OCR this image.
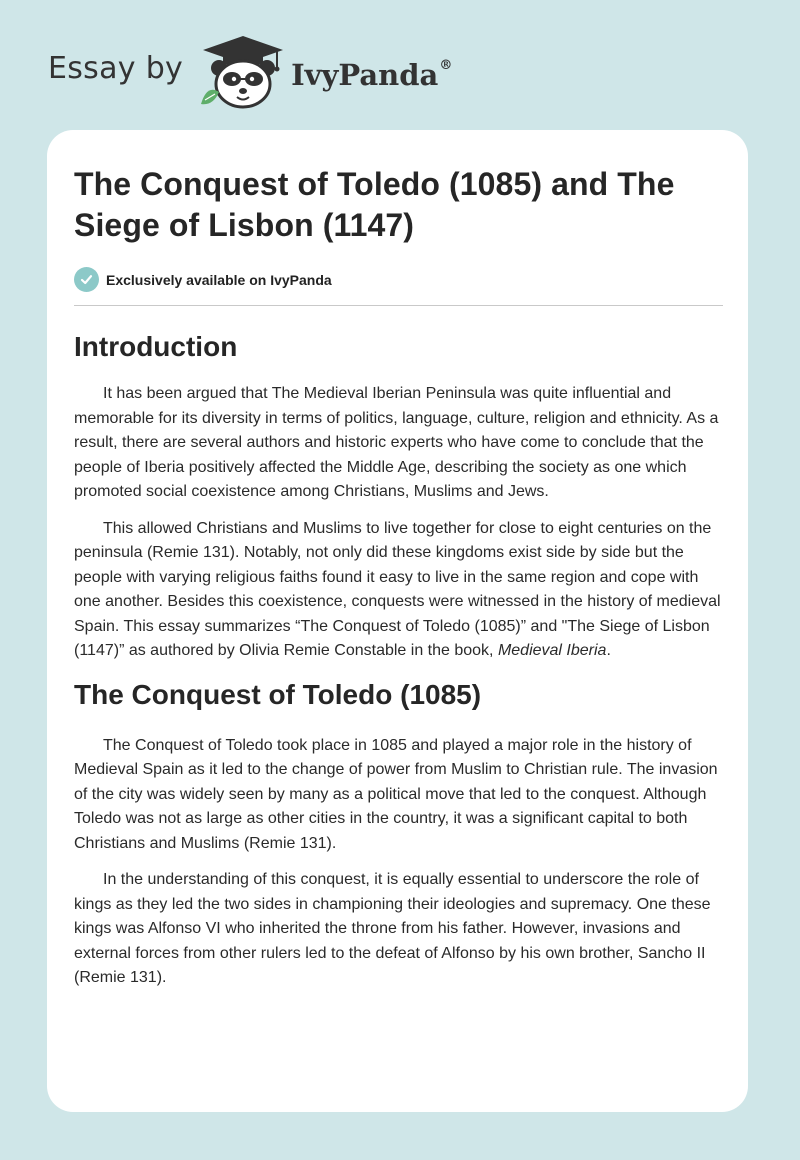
Essay by	IvyPanda®
The Conquest of Toledo (1085) and The Siege of Lisbon (1147)
Exclusively available on IvyPanda
Introduction

It has been argued that The Medieval Iberian Peninsula was quite influential and memorable for its diversity in terms of politics, language, culture, religion and ethnicity. As a result, there are several authors and historic experts who have come to conclude that the people of Iberia positively affected the Middle Age, describing the society as one which promoted social coexistence among Christians, Muslims and Jews.

This allowed Christians and Muslims to live together for close to eight centuries on the peninsula (Remie 131). Notably, not only did these kingdoms exist side by side but the people with varying religious faiths found it easy to live in the same region and cope with one another. Besides this coexistence, conquests were witnessed in the history of medieval Spain. This essay summarizes “The Conquest of Toledo (1085)” and "The Siege of Lisbon (1147)” as authored by Olivia Remie Constable in the book, Medieval Iberia.

The Conquest of Toledo (1085)

The Conquest of Toledo took place in 1085 and played a major role in the history of Medieval Spain as it led to the change of power from Muslim to Christian rule. The invasion of the city was widely seen by many as a political move that led to the conquest. Although Toledo was not as large as other cities in the country, it was a significant capital to both Christians and Muslims (Remie 131).

In the understanding of this conquest, it is equally essential to underscore the role of kings as they led the two sides in championing their ideologies and supremacy. One these kings was Alfonso VI who inherited the throne from his father. However, invasions and external forces from other rulers led to the defeat of Alfonso by his own brother, Sancho II (Remie 131).
